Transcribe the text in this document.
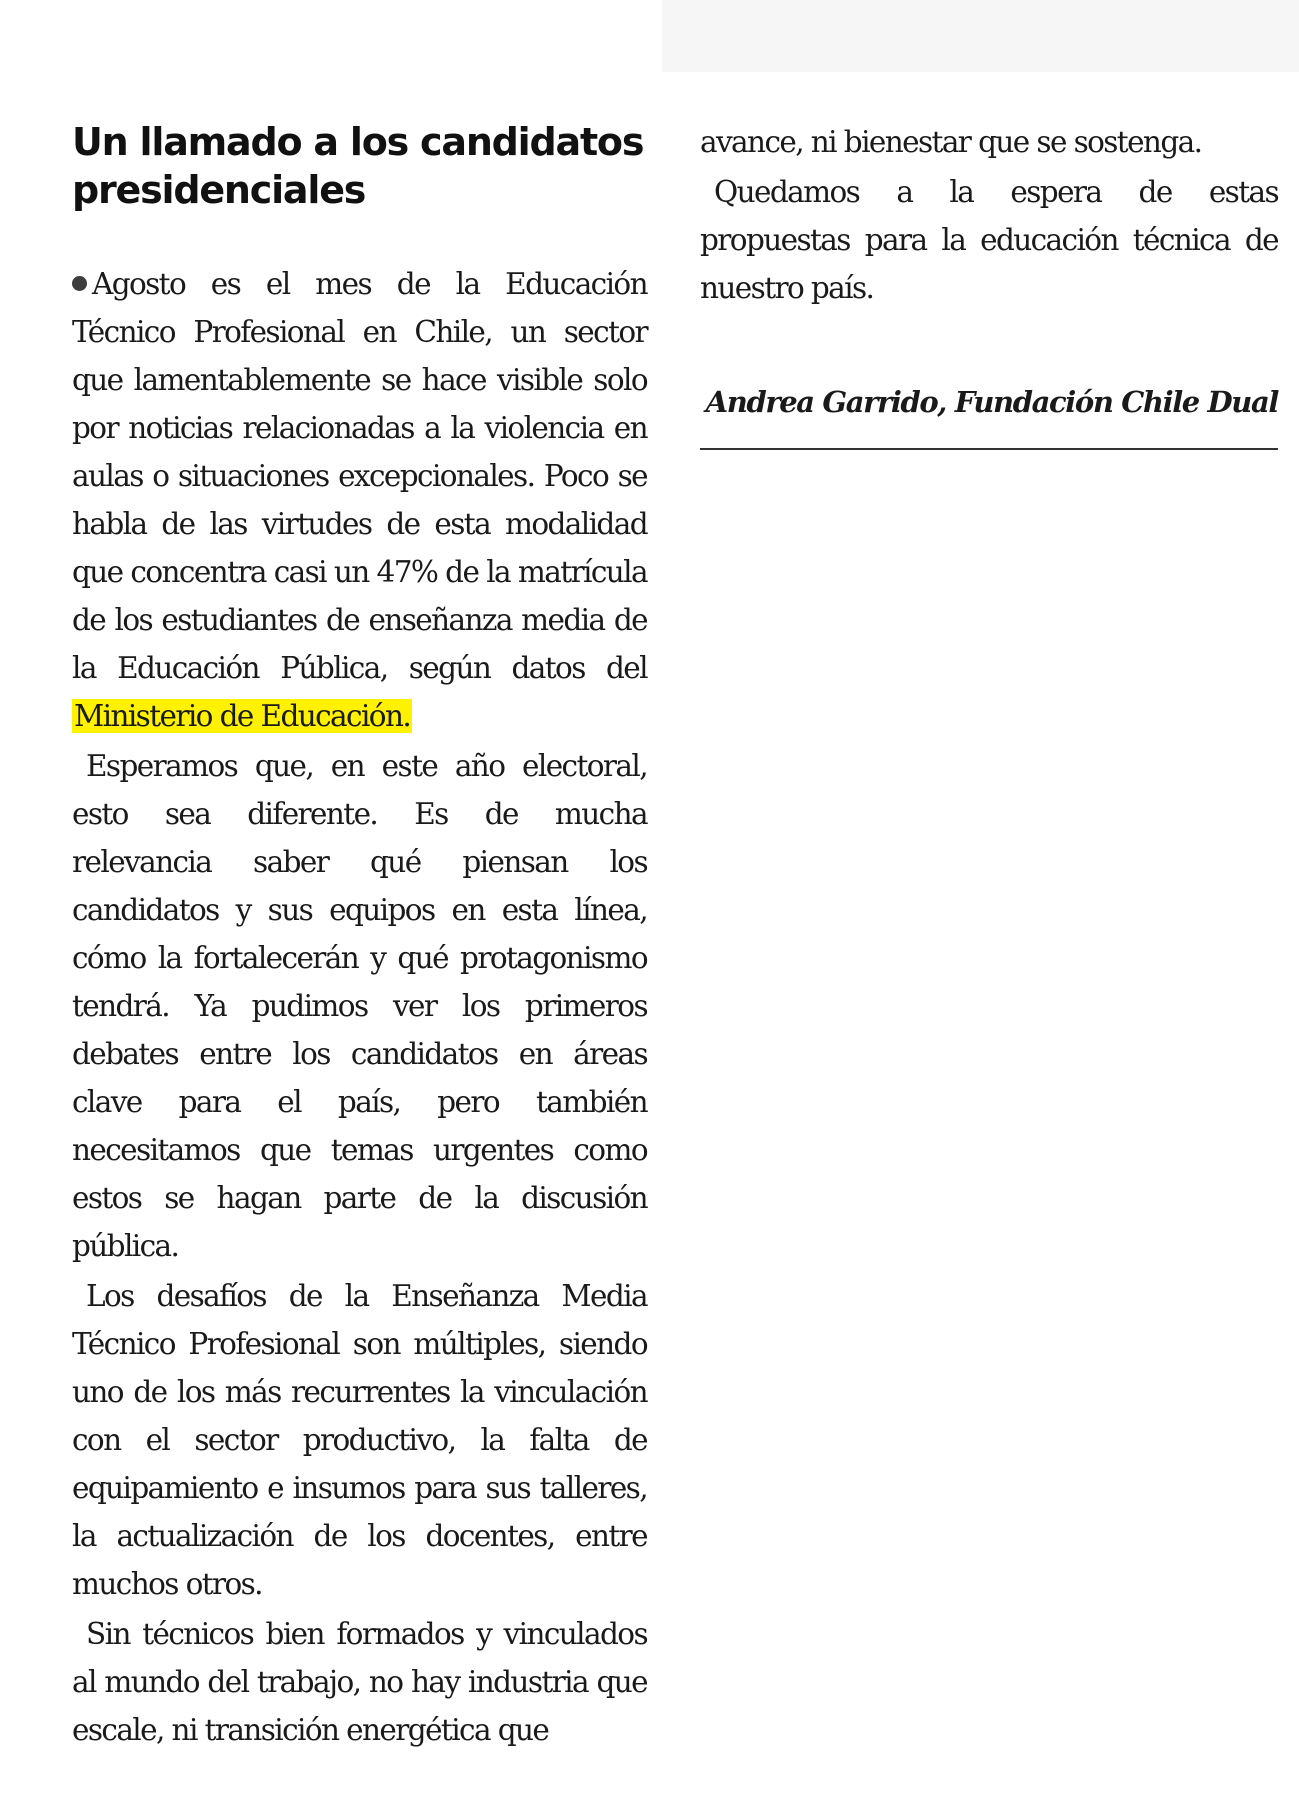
Un llamado a los candidatos presidenciales

Agosto es el mes de la Educación Técnico Profesional en Chile, un sector que lamentablemente se hace visible solo por noticias relacionadas a la violencia en aulas o situaciones excepcionales. Poco se habla de las virtudes de esta modalidad que concentra casi un 47% de la matrícula de los estudiantes de enseñanza media de la Educación Pública, según datos del Ministerio de Educación.

Esperamos que, en este año electoral, esto sea diferente. Es de mucha relevancia saber qué piensan los candidatos y sus equipos en esta línea, cómo la fortalecerán y qué protagonismo tendrá. Ya pudimos ver los primeros debates entre los candidatos en áreas clave para el país, pero también necesitamos que temas urgentes como estos se hagan parte de la discusión pública.

Los desafíos de la Enseñanza Media Técnico Profesional son múltiples, siendo uno de los más recurrentes la vinculación con el sector productivo, la falta de equipamiento e insumos para sus talleres, la actualización de los docentes, entre muchos otros.

Sin técnicos bien formados y vinculados al mundo del trabajo, no hay industria que escale, ni transición energética que

avance, ni bienestar que se sostenga.

Quedamos a la espera de estas propuestas para la educación técnica de nuestro país.

Andrea Garrido, Fundación Chile Dual
